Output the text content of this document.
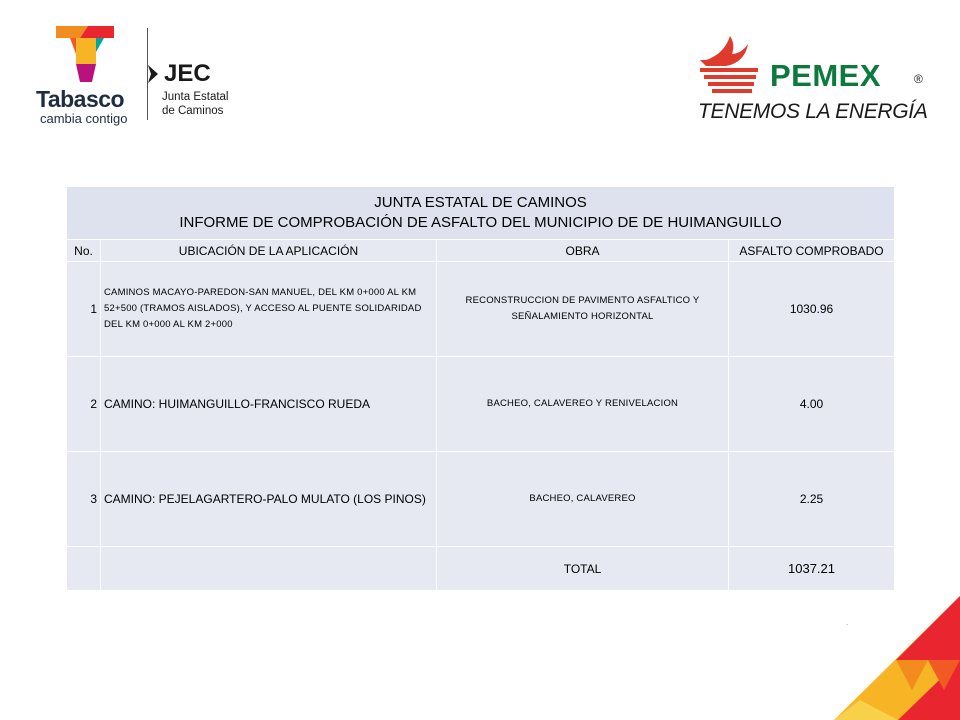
Tabasco
cambia contigo
JEC
Junta Estatal
de Caminos
PEMEX	®
TENEMOS LA ENERGÍA
JUNTA ESTATAL DE CAMINOS
INFORME DE COMPROBACIÓN DE ASFALTO DEL MUNICIPIO DE DE HUIMANGUILLO			

No.	UBICACIÓN DE LA APLICACIÓN	OBRA	ASFALTO COMPROBADO
1	CAMINOS MACAYO-PAREDON-SAN MANUEL, DEL KM 0+000 AL KM 52+500 (TRAMOS AISLADOS), Y ACCESO AL PUENTE SOLIDARIDAD DEL KM 0+000 AL KM 2+000	RECONSTRUCCION DE PAVIMENTO ASFALTICO Y SEÑALAMIENTO HORIZONTAL	1030.96
2	CAMINO: HUIMANGUILLO-FRANCISCO RUEDA	BACHEO, CALAVEREO Y RENIVELACION	4.00
3	CAMINO: PEJELAGARTERO-PALO MULATO (LOS PINOS)	BACHEO, CALAVEREO	2.25
		TOTAL	1037.21
.
